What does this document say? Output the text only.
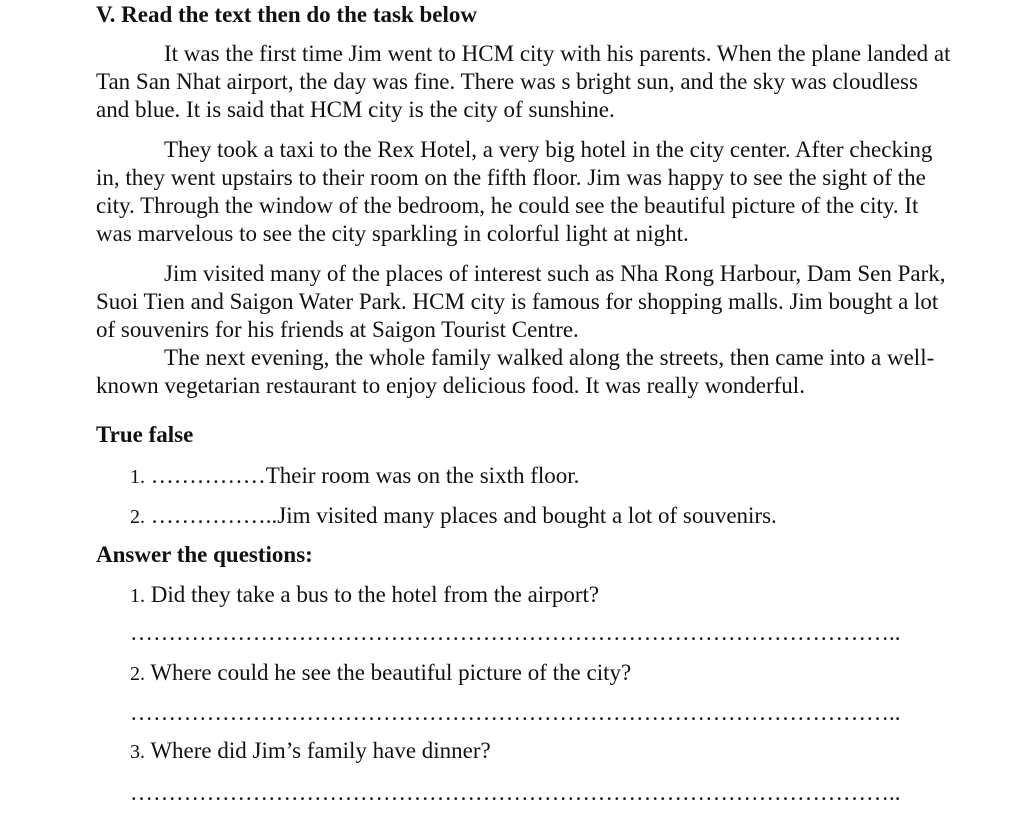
V. Read the text then do the task below
It was the first time Jim went to HCM city with his parents. When the plane landed at
Tan San Nhat airport, the day was fine. There was s bright sun, and the sky was cloudless
and blue. It is said that HCM city is the city of sunshine.
They took a taxi to the Rex Hotel, a very big hotel in the city center. After checking
in, they went upstairs to their room on the fifth floor. Jim was happy to see the sight of the
city. Through the window of the bedroom, he could see the beautiful picture of the city. It
was marvelous to see the city sparkling in colorful light at night.
Jim visited many of the places of interest such as Nha Rong Harbour, Dam Sen Park,
Suoi Tien and Saigon Water Park. HCM city is famous for shopping malls. Jim bought a lot
of souvenirs for his friends at Saigon Tourist Centre.
The next evening, the whole family walked along the streets, then came into a well-
known vegetarian restaurant to enjoy delicious food. It was really wonderful.
True false
1. ……………Their room was on the sixth floor.
2. ……………..Jim visited many places and bought a lot of souvenirs.
Answer the questions:
1. Did they take a bus to the hotel from the airport?
………………………………………………………………………………………..
2. Where could he see the beautiful picture of the city?
………………………………………………………………………………………..
3. Where did Jim’s family have dinner?
………………………………………………………………………………………..
